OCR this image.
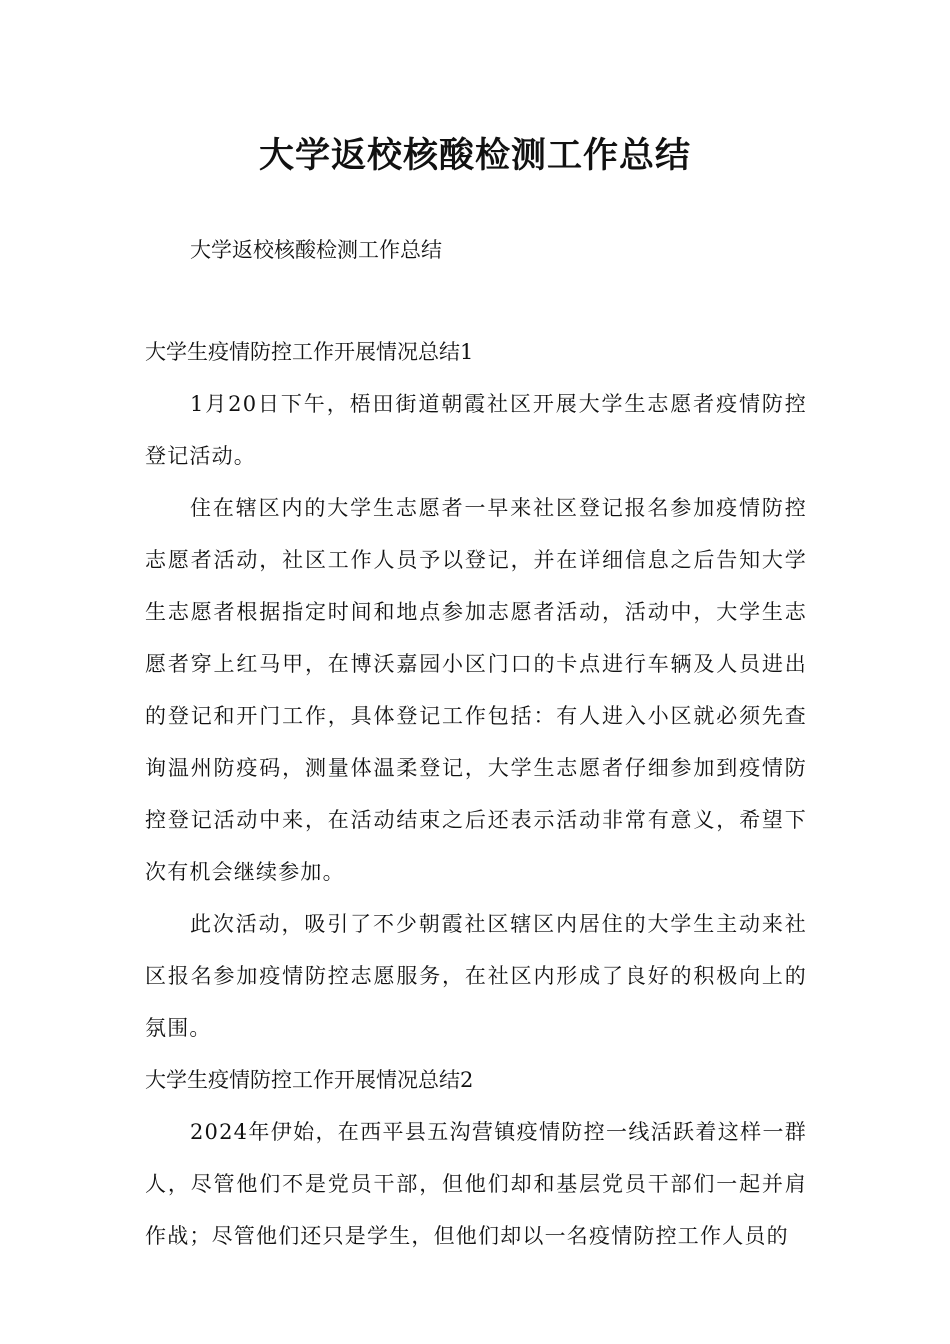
大学返校核酸检测工作总结

大学返校核酸检测工作总结

大学生疫情防控工作开展情况总结1

1月20日下午，梧田街道朝霞社区开展大学生志愿者疫情防控登记活动。

住在辖区内的大学生志愿者一早来社区登记报名参加疫情防控志愿者活动，社区工作人员予以登记，并在详细信息之后告知大学生志愿者根据指定时间和地点参加志愿者活动，活动中，大学生志愿者穿上红马甲，在博沃嘉园小区门口的卡点进行车辆及人员进出的登记和开门工作，具体登记工作包括：有人进入小区就必须先查询温州防疫码，测量体温柔登记，大学生志愿者仔细参加到疫情防控登记活动中来，在活动结束之后还表示活动非常有意义，希望下次有机会继续参加。

此次活动，吸引了不少朝霞社区辖区内居住的大学生主动来社区报名参加疫情防控志愿服务，在社区内形成了良好的积极向上的氛围。

大学生疫情防控工作开展情况总结2

2024年伊始，在西平县五沟营镇疫情防控一线活跃着这样一群人，尽管他们不是党员干部，但他们却和基层党员干部们一起并肩作战；尽管他们还只是学生，但他们却以一名疫情防控工作人员的
